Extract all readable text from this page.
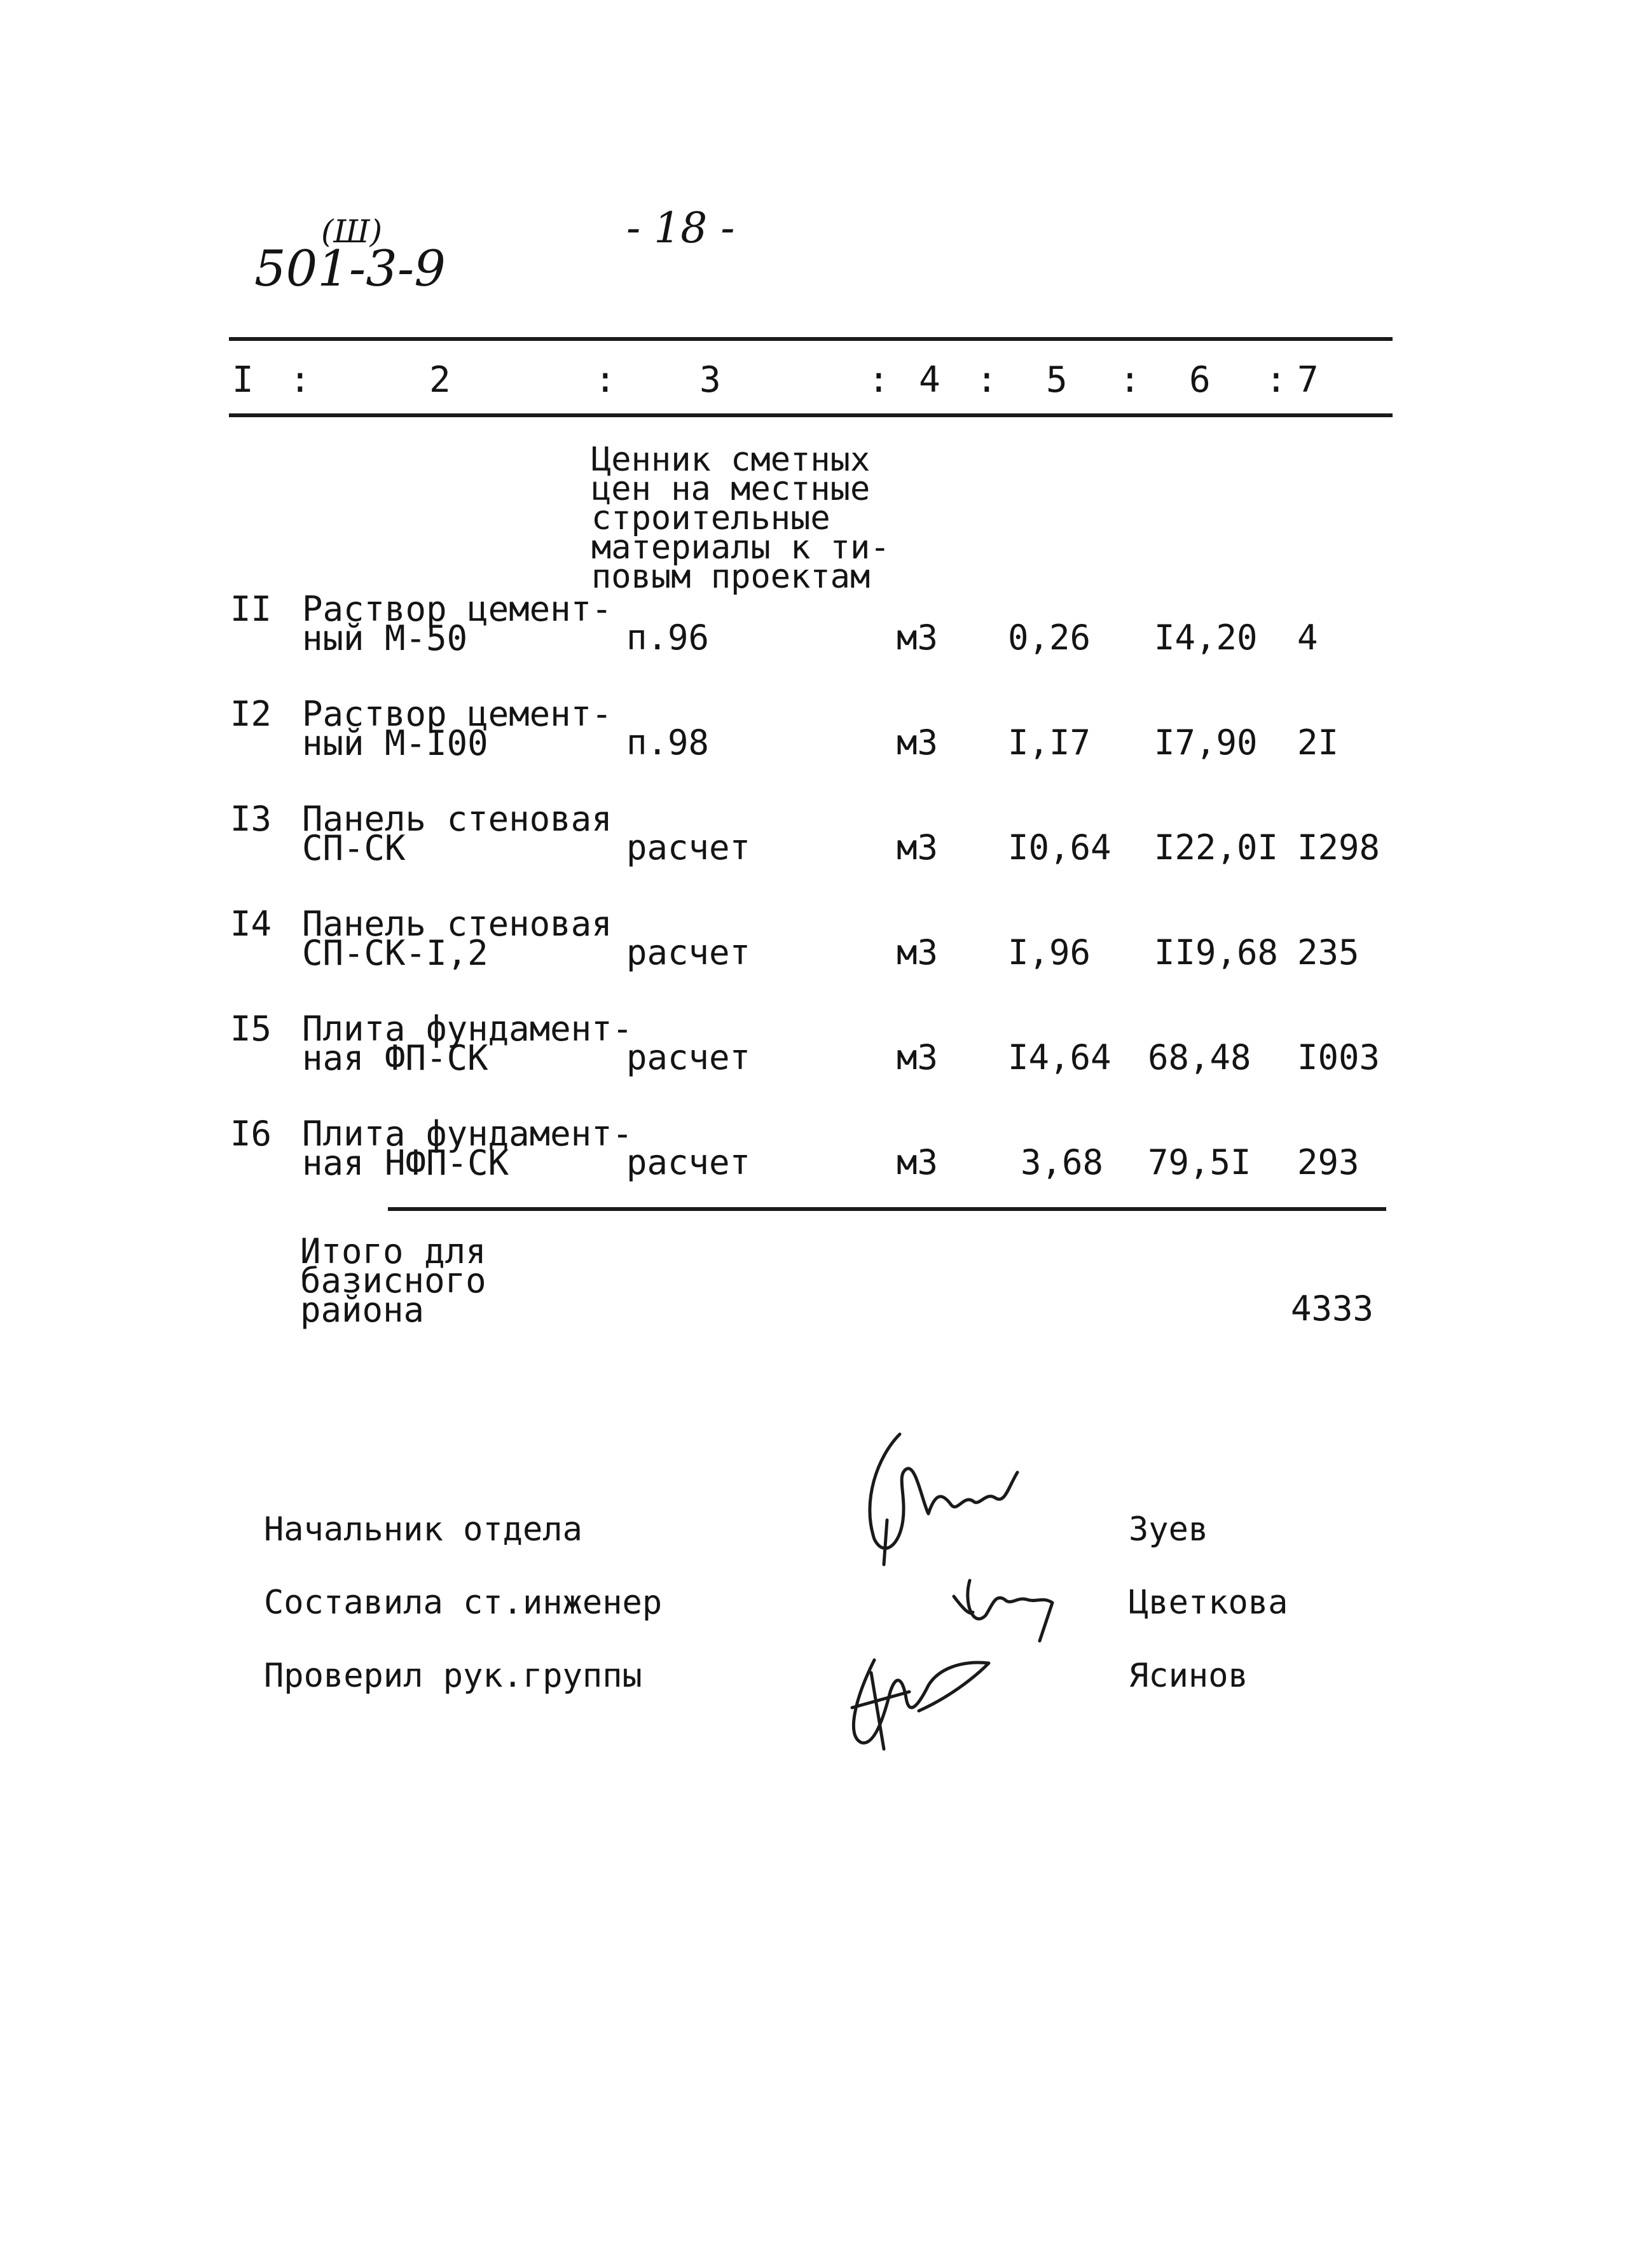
(Ш)
501-3-9
- 18 -
I :	2	: 3	: 4 : 5 : 6 : 7
Ценник сметных
цен на местные
строительные
материалы к ти-
повым проектам
II Раствор цемент-
ный М-50	п.96	м3 0,26 I4,20 4
I2 Раствор цемент-
ный М-I00	п.98	м3 I,I7 I7,90 2I
I3 Панель стеновая
СП-СК	расчет	м3 I0,64 I22,0I I298
I4 Панель стеновая
СП-СК-I,2	расчет	м3 I,96 II9,68 235
I5 Плита фундамент-
ная ФП-СК	расчет	м3 I4,64 68,48 I003
I6 Плита фундамент-
ная НФП-СК	расчет	м3 3,68 79,5I 293
Итого для
базисного
района	4333
Начальник отдела	Зуев
Составила ст.инженер	Цветкова
Проверил рук.группы	Ясинов
